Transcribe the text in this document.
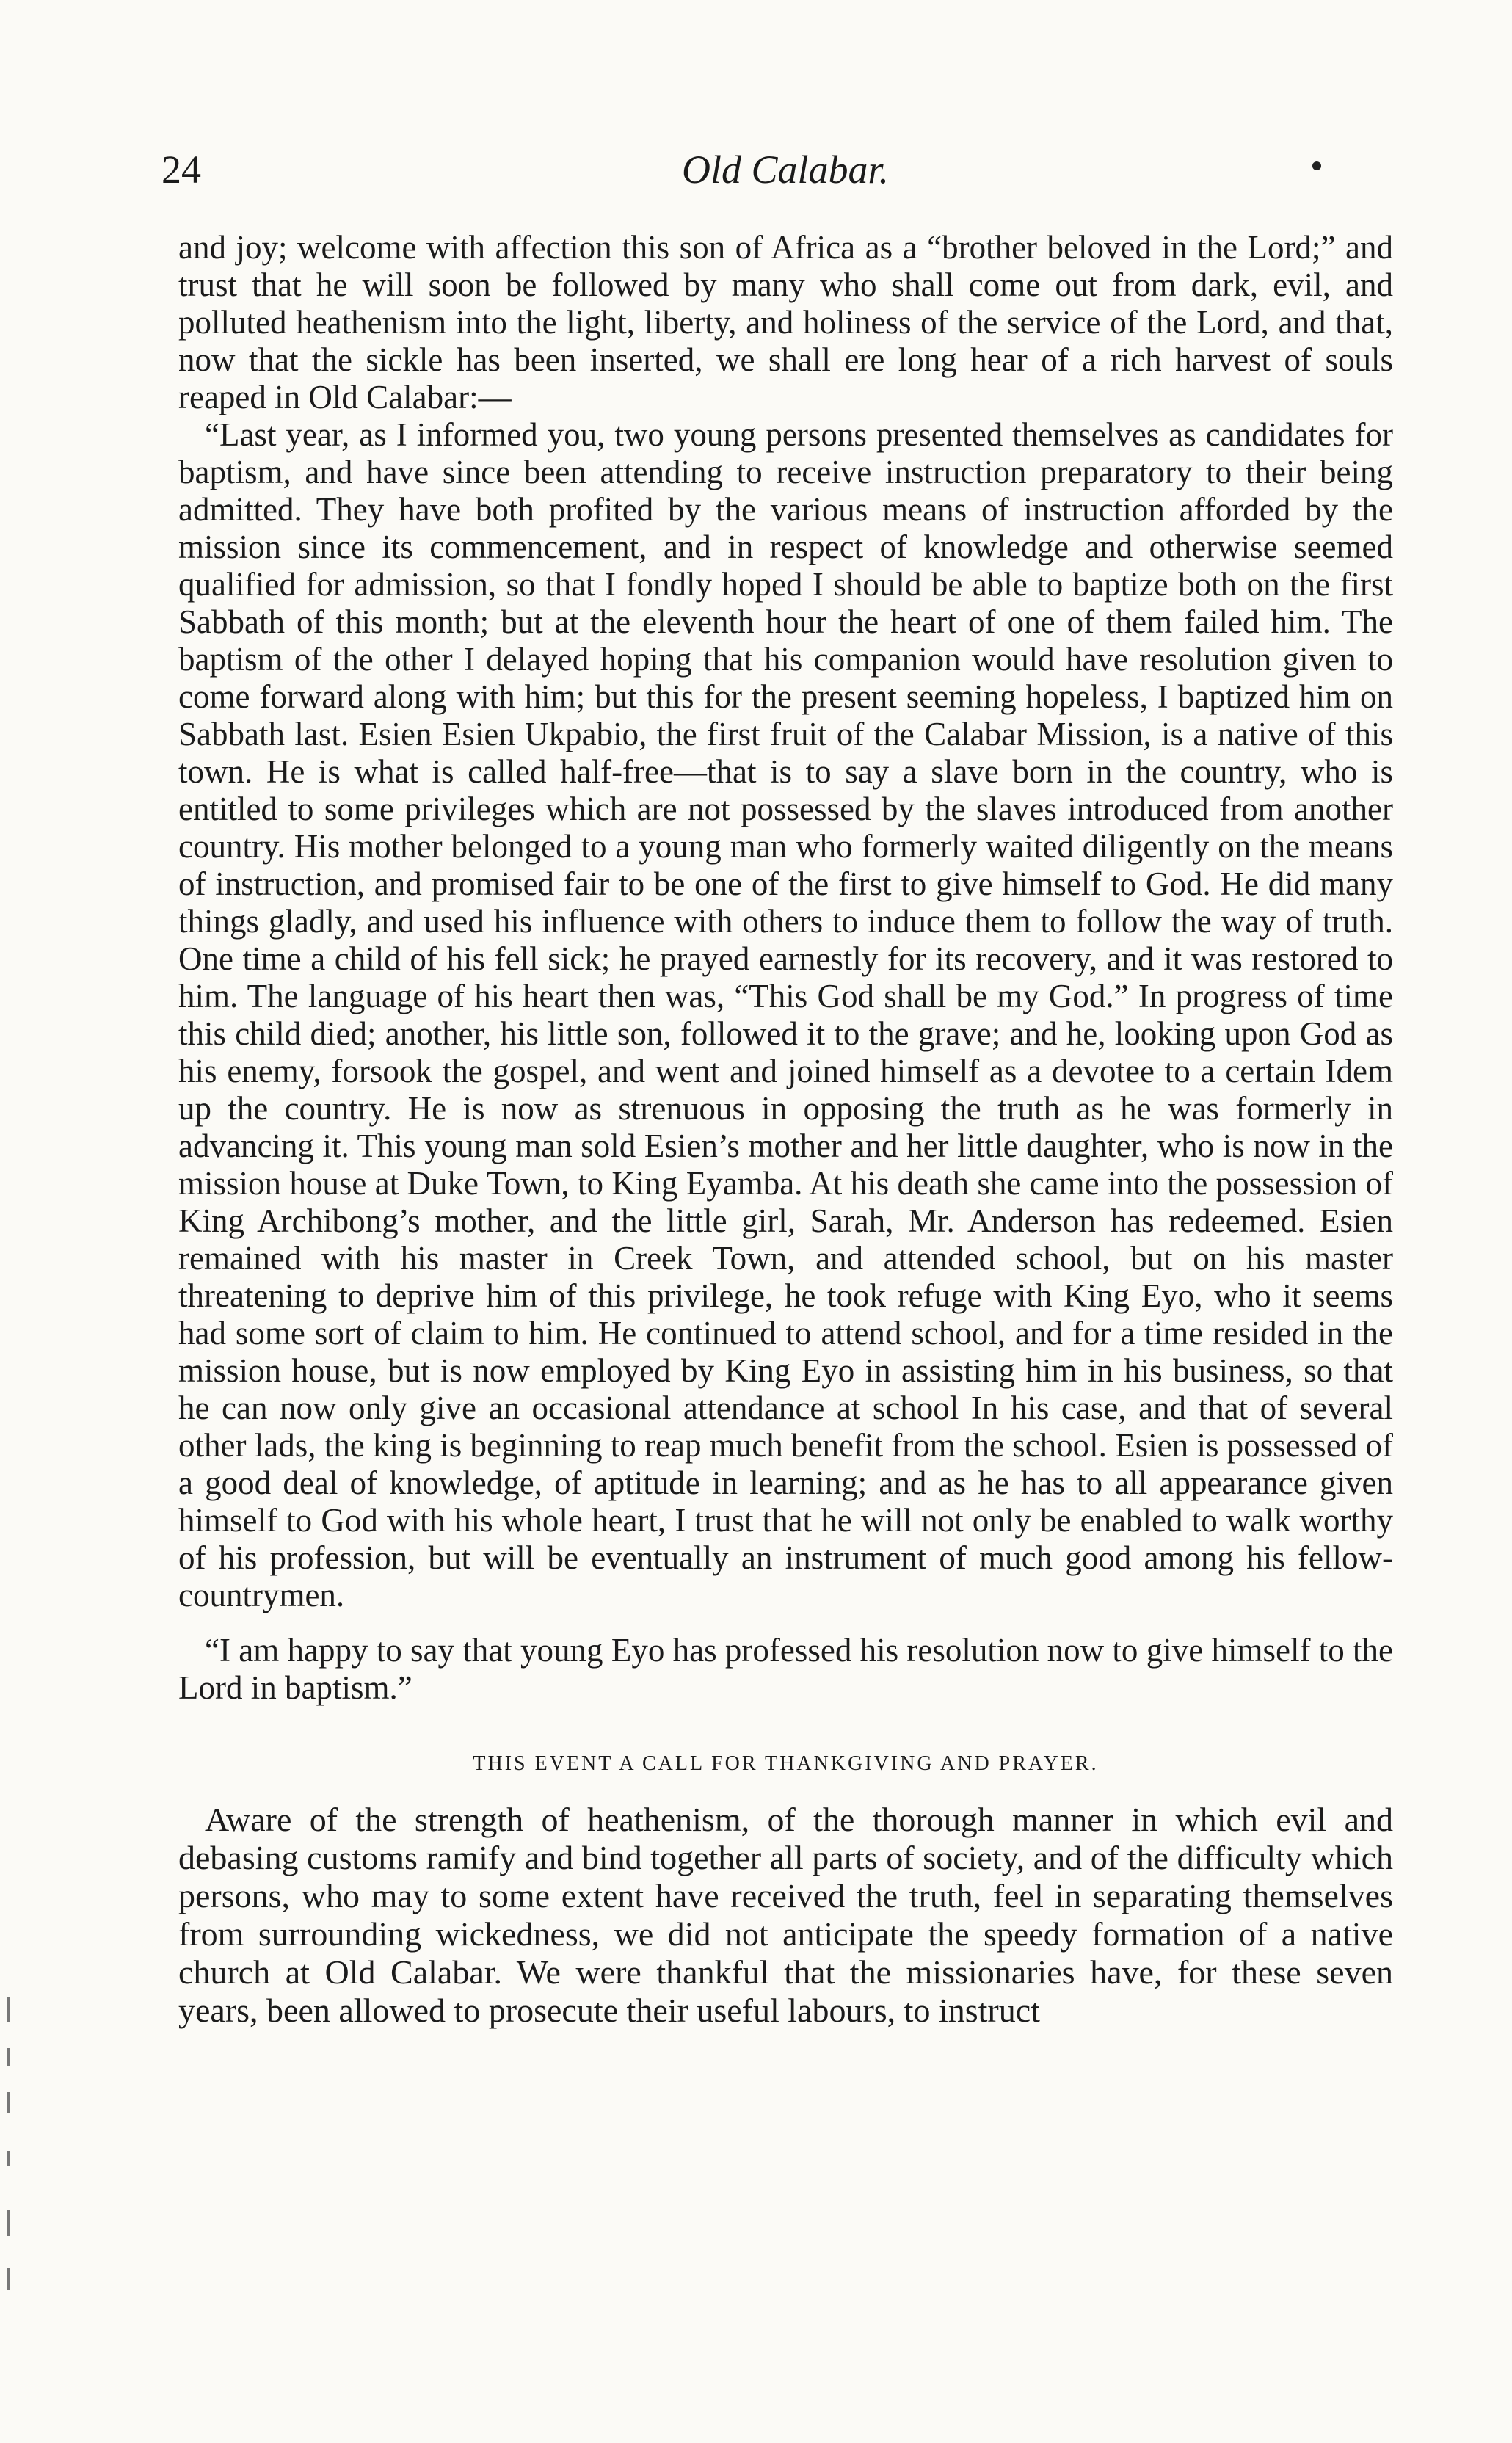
24	Old Calabar.

and joy; welcome with affection this son of Africa as a “brother beloved in the Lord;” and trust that he will soon be followed by many who shall come out from dark, evil, and polluted heathenism into the light, liberty, and holiness of the service of the Lord, and that, now that the sickle has been inserted, we shall ere long hear of a rich harvest of souls reaped in Old Calabar:—

“Last year, as I informed you, two young persons presented themselves as candidates for baptism, and have since been attending to receive instruction preparatory to their being admitted. They have both profited by the various means of instruction afforded by the mission since its commencement, and in respect of knowledge and otherwise seemed qualified for admission, so that I fondly hoped I should be able to baptize both on the first Sabbath of this month; but at the eleventh hour the heart of one of them failed him. The baptism of the other I delayed hoping that his companion would have resolution given to come forward along with him; but this for the present seeming hopeless, I baptized him on Sabbath last. Esien Esien Ukpabio, the first fruit of the Calabar Mission, is a native of this town. He is what is called half-free—that is to say a slave born in the country, who is entitled to some privileges which are not possessed by the slaves introduced from another country. His mother belonged to a young man who formerly waited diligently on the means of instruction, and promised fair to be one of the first to give himself to God. He did many things gladly, and used his influence with others to induce them to follow the way of truth. One time a child of his fell sick; he prayed earnestly for its recovery, and it was restored to him. The language of his heart then was, “This God shall be my God.” In progress of time this child died; another, his little son, followed it to the grave; and he, looking upon God as his enemy, forsook the gospel, and went and joined himself as a devotee to a certain Idem up the country. He is now as strenuous in opposing the truth as he was formerly in advancing it. This young man sold Esien’s mother and her little daughter, who is now in the mission house at Duke Town, to King Eyamba. At his death she came into the possession of King Archibong’s mother, and the little girl, Sarah, Mr. Anderson has redeemed. Esien remained with his master in Creek Town, and attended school, but on his master threatening to deprive him of this privilege, he took refuge with King Eyo, who it seems had some sort of claim to him. He continued to attend school, and for a time resided in the mission house, but is now employed by King Eyo in assisting him in his business, so that he can now only give an occasional attendance at school In his case, and that of several other lads, the king is beginning to reap much benefit from the school. Esien is possessed of a good deal of knowledge, of aptitude in learning; and as he has to all appearance given himself to God with his whole heart, I trust that he will not only be enabled to walk worthy of his profession, but will be eventually an instrument of much good among his fellow-countrymen.

“I am happy to say that young Eyo has professed his resolution now to give himself to the Lord in baptism.”

THIS EVENT A CALL FOR THANKGIVING AND PRAYER.

Aware of the strength of heathenism, of the thorough manner in which evil and debasing customs ramify and bind together all parts of society, and of the difficulty which persons, who may to some extent have received the truth, feel in separating themselves from surrounding wickedness, we did not anticipate the speedy formation of a native church at Old Calabar. We were thankful that the missionaries have, for these seven years, been allowed to prosecute their useful labours, to instruct
